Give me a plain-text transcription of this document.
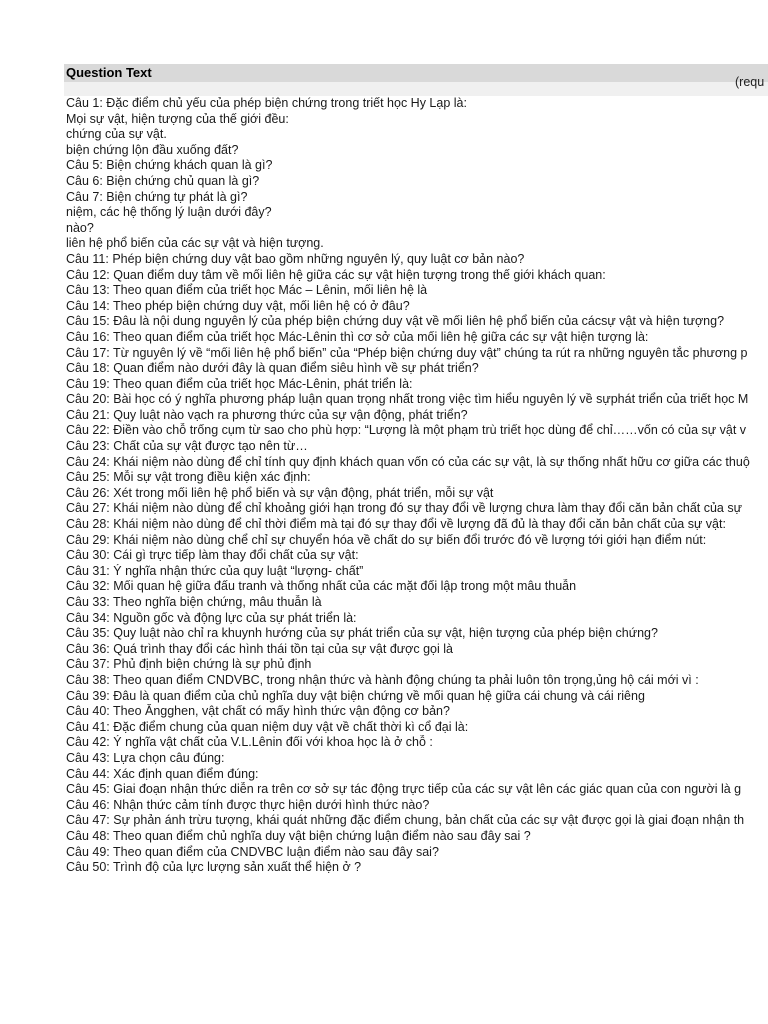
Question Text
(requ
Câu 1: Đặc điểm chủ yếu của phép biện chứng trong triết học Hy Lạp là:
Mọi sự vật, hiện tượng của thế giới đều:
chứng của sự vật.
biện chứng lộn đầu xuống đất?
Câu 5: Biện chứng khách quan là gì?
Câu 6: Biện chứng chủ quan là gì?
Câu 7: Biện chứng tự phát là gì?
niệm, các hệ thống lý luận dưới đây?
nào?
liên hệ phổ biến của các sự vật và hiện tượng.
Câu 11: Phép biện chứng duy vật bao gồm những nguyên lý, quy luật cơ bản nào?
Câu 12: Quan điểm duy tâm về mối liên hệ giữa các sự vật hiện tượng trong thế giới khách quan:
Câu 13: Theo quan điểm của triết học Mác – Lênin, mối liên hệ là
Câu 14: Theo phép biện chứng duy vật, mối liên hệ có ở đâu?
Câu 15: Đâu là nội dung nguyên lý của phép biện chứng duy vật về mối liên hệ phổ biến của cácsự vật và hiện tượng?
Câu 16: Theo quan điểm của triết học Mác-Lênin thì cơ sở của mối liên hệ giữa các sự vật hiện tượng là:
Câu 17: Từ nguyên lý về “mối liên hệ phổ biến” của “Phép biện chứng duy vật” chúng ta rút ra những nguyên tắc phương p
Câu 18: Quan điểm nào dưới đây là quan điểm siêu hình về sự phát triển?
Câu 19: Theo quan điểm của triết học Mác-Lênin, phát triển là:
Câu 20: Bài học có ý nghĩa phương pháp luận quan trọng nhất trong việc tìm hiểu nguyên lý về sựphát triển của triết học M
Câu 21: Quy luật nào vạch ra phương thức của sự vận động, phát triển?
Câu 22: Điền vào chỗ trống cụm từ sao cho phù hợp: “Lượng là một phạm trù triết học dùng để chỉ……vốn có của sự vật v
Câu 23: Chất của sự vật được tạo nên từ…
Câu 24: Khái niệm nào dùng để chỉ tính quy định khách quan vốn có của các sự vật, là sự thống nhất hữu cơ giữa các thuộ
Câu 25: Mỗi sự vật trong điều kiện xác định:
Câu 26: Xét trong mối liên hệ phổ biến và sự vận động, phát triển, mỗi sự vật
Câu 27: Khái niệm nào dùng để chỉ khoảng giới hạn trong đó sự thay đổi về lượng chưa làm thay đổi căn bản chất của sự
Câu 28: Khái niệm nào dùng để chỉ thời điểm mà tại đó sự thay đổi về lượng đã đủ là thay đổi căn bản chất của sự vật:
Câu 29: Khái niệm nào dùng chể chỉ sự chuyển hóa về chất do sự biến đổi trước đó về lượng tới giới hạn điểm nút:
Câu 30: Cái gì trực tiếp làm thay đổi chất của sự vật:
Câu 31: Ý nghĩa nhận thức của quy luật “lượng- chất”
Câu 32: Mối quan hệ giữa đấu tranh và thống nhất của các mặt đối lập trong một mâu thuẫn
Câu 33: Theo nghĩa biện chứng, mâu thuẫn là
Câu 34: Nguồn gốc và động lực của sự phát triển là:
Câu 35: Quy luật nào chỉ ra khuynh hướng của sự phát triển của sự vật, hiện tượng của phép biện chứng?
Câu 36: Quá trình thay đổi các hình thái tồn tại của sự vật được gọi là
Câu 37: Phủ định biện chứng là sự phủ định
Câu 38: Theo quan điểm CNDVBC, trong nhận thức và hành động chúng ta phải luôn tôn trọng,ủng hộ cái mới vì :
Câu 39: Đâu là quan điểm của chủ nghĩa duy vật biện chứng về mối quan hệ giữa cái chung và cái riêng
Câu 40: Theo Ăngghen, vật chất có mấy hình thức vận động cơ bản?
Câu 41: Đặc điểm chung của quan niệm duy vật về chất thời kì cổ đại là:
Câu 42: Ý nghĩa vật chất của V.L.Lênin đối với khoa học là ở chỗ :
Câu 43: Lựa chọn câu đúng:
Câu 44: Xác định quan điểm đúng:
Câu 45: Giai đoạn nhận thức diễn ra trên cơ sở sự tác động trực tiếp của các sự vật lên các giác quan của con người là g
Câu 46: Nhận thức cảm tính được thực hiện dưới hình thức nào?
Câu 47: Sự phản ánh trừu tượng, khái quát những đặc điểm chung, bản chất của các sự vật được gọi là giai đoạn nhận th
Câu 48: Theo quan điểm chủ nghĩa duy vật biện chứng luận điểm nào sau đây sai ?
Câu 49: Theo quan điểm của CNDVBC luận điểm nào sau đây sai?
Câu 50: Trình độ của lực lượng sản xuất thể hiện ở ?
